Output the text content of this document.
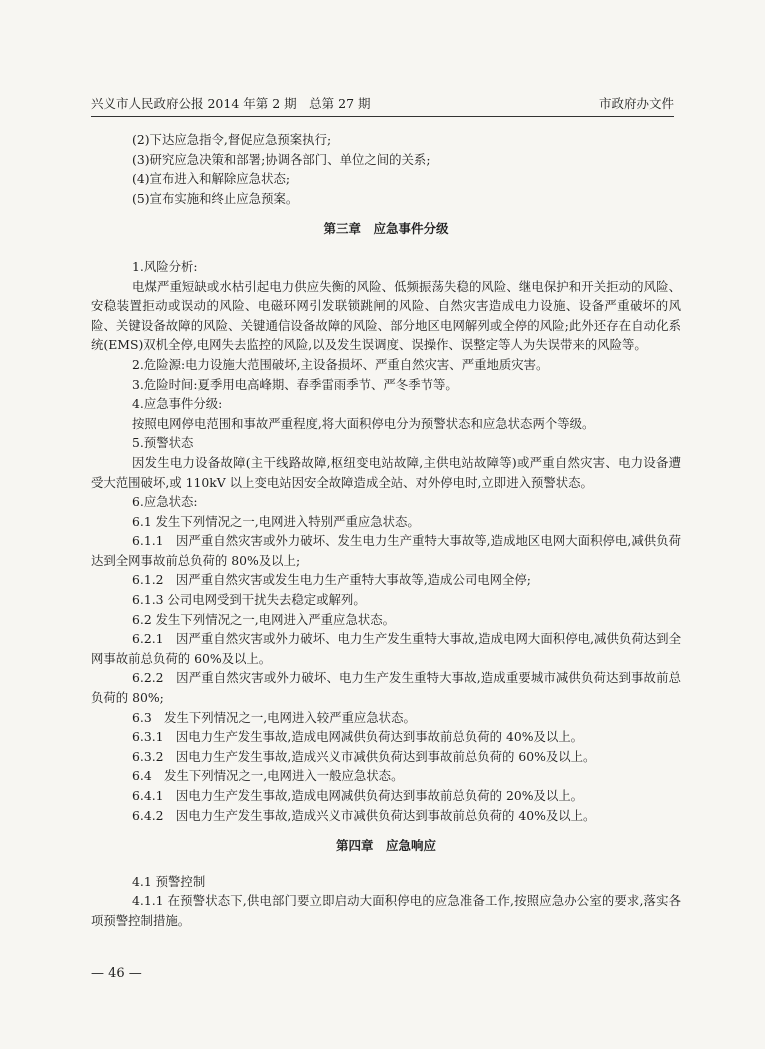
兴义市人民政府公报 2014 年第 2 期　总第 27 期	市政府办文件

(2)下达应急指令,督促应急预案执行;

(3)研究应急决策和部署;协调各部门、单位之间的关系;

(4)宣布进入和解除应急状态;

(5)宣布实施和终止应急预案。

第三章　应急事件分级

1.风险分析:

电煤严重短缺或水枯引起电力供应失衡的风险、低频振荡失稳的风险、继电保护和开关拒动的风险、安稳装置拒动或误动的风险、电磁环网引发联锁跳闸的风险、自然灾害造成电力设施、设备严重破坏的风险、关键设备故障的风险、关键通信设备故障的风险、部分地区电网解列或全停的风险;此外还存在自动化系统(EMS)双机全停,电网失去监控的风险,以及发生误调度、误操作、误整定等人为失误带来的风险等。

2.危险源:电力设施大范围破坏,主设备损坏、严重自然灾害、严重地质灾害。

3.危险时间:夏季用电高峰期、春季雷雨季节、严冬季节等。

4.应急事件分级:

按照电网停电范围和事故严重程度,将大面积停电分为预警状态和应急状态两个等级。

5.预警状态

因发生电力设备故障(主干线路故障,枢纽变电站故障,主供电站故障等)或严重自然灾害、电力设备遭受大范围破坏,或 110kV 以上变电站因安全故障造成全站、对外停电时,立即进入预警状态。

6.应急状态:

6.1 发生下列情况之一,电网进入特别严重应急状态。

6.1.1　因严重自然灾害或外力破坏、发生电力生产重特大事故等,造成地区电网大面积停电,减供负荷达到全网事故前总负荷的 80%及以上;

6.1.2　因严重自然灾害或发生电力生产重特大事故等,造成公司电网全停;

6.1.3 公司电网受到干扰失去稳定或解列。

6.2 发生下列情况之一,电网进入严重应急状态。

6.2.1　因严重自然灾害或外力破坏、电力生产发生重特大事故,造成电网大面积停电,减供负荷达到全网事故前总负荷的 60%及以上。

6.2.2　因严重自然灾害或外力破坏、电力生产发生重特大事故,造成重要城市减供负荷达到事故前总负荷的 80%;

6.3　发生下列情况之一,电网进入较严重应急状态。

6.3.1　因电力生产发生事故,造成电网减供负荷达到事故前总负荷的 40%及以上。

6.3.2　因电力生产发生事故,造成兴义市减供负荷达到事故前总负荷的 60%及以上。

6.4　发生下列情况之一,电网进入一般应急状态。

6.4.1　因电力生产发生事故,造成电网减供负荷达到事故前总负荷的 20%及以上。

6.4.2　因电力生产发生事故,造成兴义市减供负荷达到事故前总负荷的 40%及以上。

第四章　应急响应

4.1 预警控制

4.1.1 在预警状态下,供电部门要立即启动大面积停电的应急准备工作,按照应急办公室的要求,落实各项预警控制措施。

— 46 —
